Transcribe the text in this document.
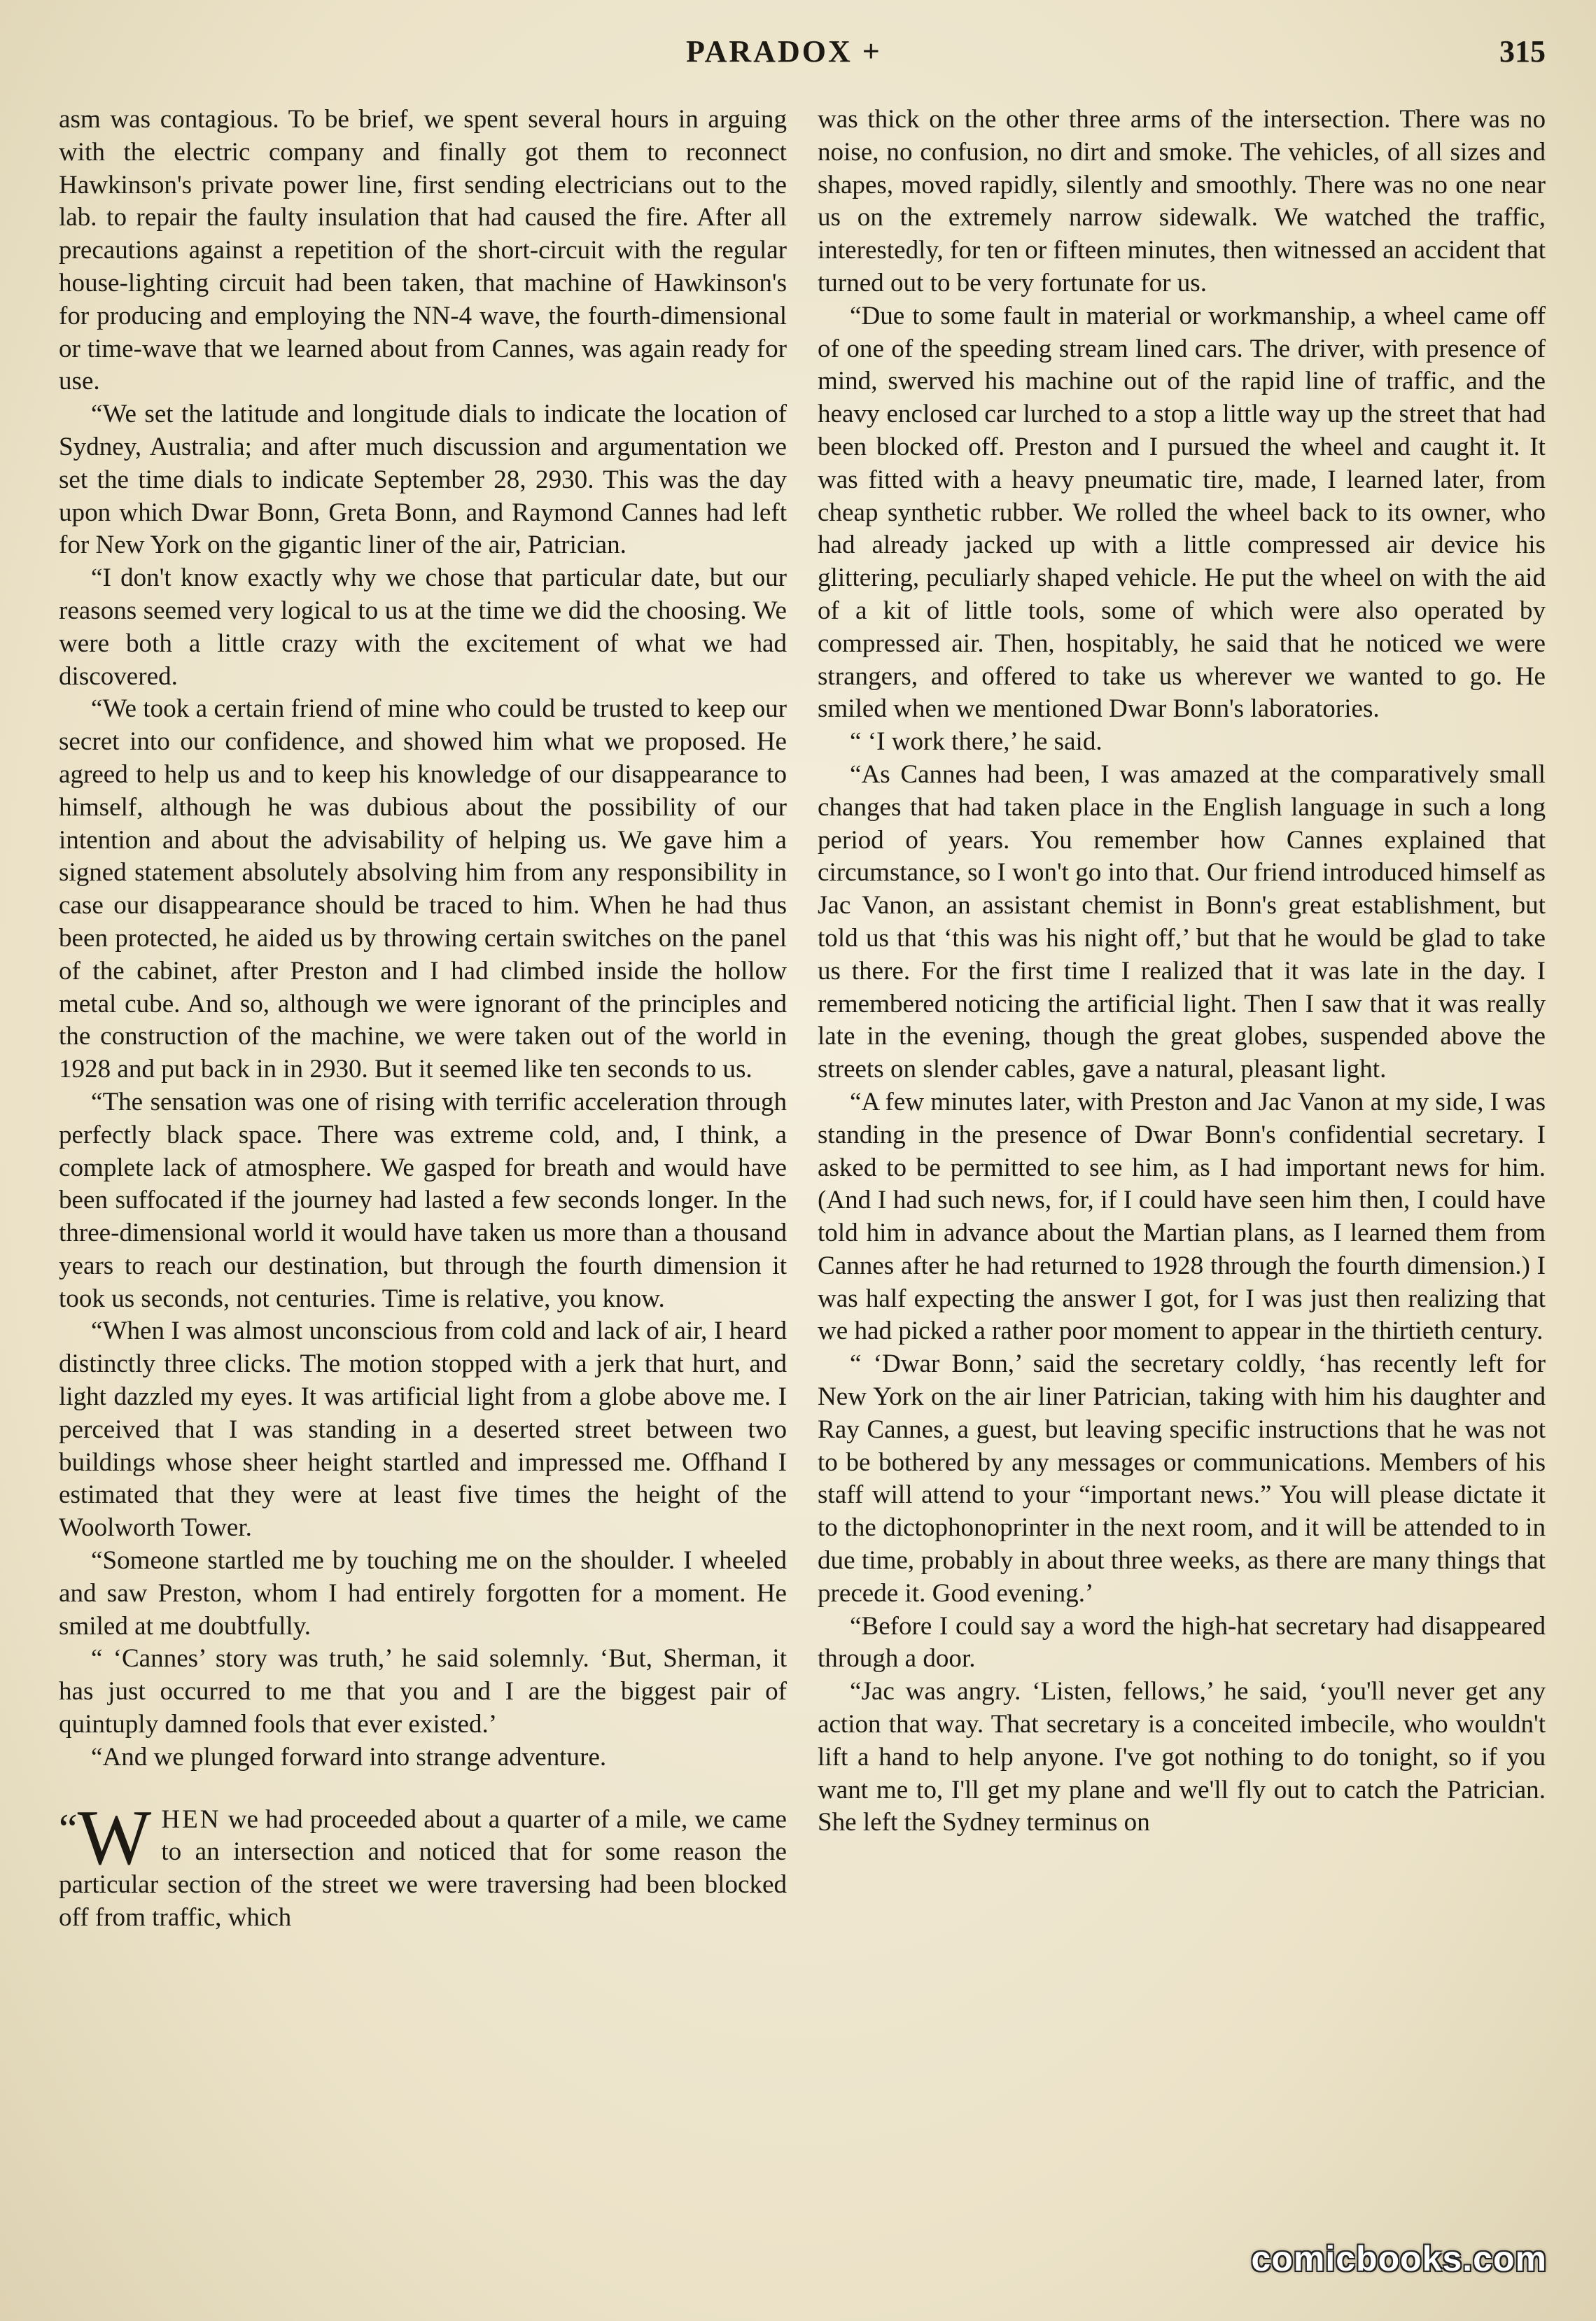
PARADOX +	315

asm was contagious. To be brief, we spent several hours in arguing with the electric company and finally got them to reconnect Hawkinson's private power line, first sending electricians out to the lab. to repair the faulty insulation that had caused the fire. After all precautions against a repetition of the short-circuit with the regular house-lighting circuit had been taken, that machine of Hawkinson's for producing and employing the NN-4 wave, the fourth-dimensional or time-wave that we learned about from Cannes, was again ready for use.

“We set the latitude and longitude dials to indicate the location of Sydney, Australia; and after much discussion and argumentation we set the time dials to indicate September 28, 2930. This was the day upon which Dwar Bonn, Greta Bonn, and Raymond Cannes had left for New York on the gigantic liner of the air, Patrician.

“I don't know exactly why we chose that particular date, but our reasons seemed very logical to us at the time we did the choosing. We were both a little crazy with the excitement of what we had discovered.

“We took a certain friend of mine who could be trusted to keep our secret into our confidence, and showed him what we proposed. He agreed to help us and to keep his knowledge of our disappearance to himself, although he was dubious about the possibility of our intention and about the advisability of helping us. We gave him a signed statement absolutely absolving him from any responsibility in case our disappearance should be traced to him. When he had thus been protected, he aided us by throwing certain switches on the panel of the cabinet, after Preston and I had climbed inside the hollow metal cube. And so, although we were ignorant of the principles and the construction of the machine, we were taken out of the world in 1928 and put back in in 2930. But it seemed like ten seconds to us.

“The sensation was one of rising with terrific acceleration through perfectly black space. There was extreme cold, and, I think, a complete lack of atmosphere. We gasped for breath and would have been suffocated if the journey had lasted a few seconds longer. In the three-dimensional world it would have taken us more than a thousand years to reach our destination, but through the fourth dimension it took us seconds, not centuries. Time is relative, you know.

“When I was almost unconscious from cold and lack of air, I heard distinctly three clicks. The motion stopped with a jerk that hurt, and light dazzled my eyes. It was artificial light from a globe above me. I perceived that I was standing in a deserted street between two buildings whose sheer height startled and impressed me. Offhand I estimated that they were at least five times the height of the Woolworth Tower.

“Someone startled me by touching me on the shoulder. I wheeled and saw Preston, whom I had entirely forgotten for a moment. He smiled at me doubtfully.

“ ‘Cannes’ story was truth,’ he said solemnly. ‘But, Sherman, it has just occurred to me that you and I are the biggest pair of quintuply damned fools that ever existed.’

“And we plunged forward into strange adventure.

“W HEN we had proceeded about a quarter of a mile, we came to an intersection and noticed that for some reason the particular section of the street we were traversing had been blocked off from traffic, which

was thick on the other three arms of the intersection. There was no noise, no confusion, no dirt and smoke. The vehicles, of all sizes and shapes, moved rapidly, silently and smoothly. There was no one near us on the extremely narrow sidewalk. We watched the traffic, interestedly, for ten or fifteen minutes, then witnessed an accident that turned out to be very fortunate for us.

“Due to some fault in material or workmanship, a wheel came off of one of the speeding stream lined cars. The driver, with presence of mind, swerved his machine out of the rapid line of traffic, and the heavy enclosed car lurched to a stop a little way up the street that had been blocked off. Preston and I pursued the wheel and caught it. It was fitted with a heavy pneumatic tire, made, I learned later, from cheap synthetic rubber. We rolled the wheel back to its owner, who had already jacked up with a little compressed air device his glittering, peculiarly shaped vehicle. He put the wheel on with the aid of a kit of little tools, some of which were also operated by compressed air. Then, hospitably, he said that he noticed we were strangers, and offered to take us wherever we wanted to go. He smiled when we mentioned Dwar Bonn's laboratories.

“ ‘I work there,’ he said.

“As Cannes had been, I was amazed at the comparatively small changes that had taken place in the English language in such a long period of years. You remember how Cannes explained that circumstance, so I won't go into that. Our friend introduced himself as Jac Vanon, an assistant chemist in Bonn's great establishment, but told us that ‘this was his night off,’ but that he would be glad to take us there. For the first time I realized that it was late in the day. I remembered noticing the artificial light. Then I saw that it was really late in the evening, though the great globes, suspended above the streets on slender cables, gave a natural, pleasant light.

“A few minutes later, with Preston and Jac Vanon at my side, I was standing in the presence of Dwar Bonn's confidential secretary. I asked to be permitted to see him, as I had important news for him. (And I had such news, for, if I could have seen him then, I could have told him in advance about the Martian plans, as I learned them from Cannes after he had returned to 1928 through the fourth dimension.) I was half expecting the answer I got, for I was just then realizing that we had picked a rather poor moment to appear in the thirtieth century.

“ ‘Dwar Bonn,’ said the secretary coldly, ‘has recently left for New York on the air liner Patrician, taking with him his daughter and Ray Cannes, a guest, but leaving specific instructions that he was not to be bothered by any messages or communications. Members of his staff will attend to your “important news.” You will please dictate it to the dictophonoprinter in the next room, and it will be attended to in due time, probably in about three weeks, as there are many things that precede it. Good evening.’

“Before I could say a word the high-hat secretary had disappeared through a door.

“Jac was angry. ‘Listen, fellows,’ he said, ‘you'll never get any action that way. That secretary is a conceited imbecile, who wouldn't lift a hand to help anyone. I've got nothing to do tonight, so if you want me to, I'll get my plane and we'll fly out to catch the Patrician. She left the Sydney terminus on

comicbooks.com
